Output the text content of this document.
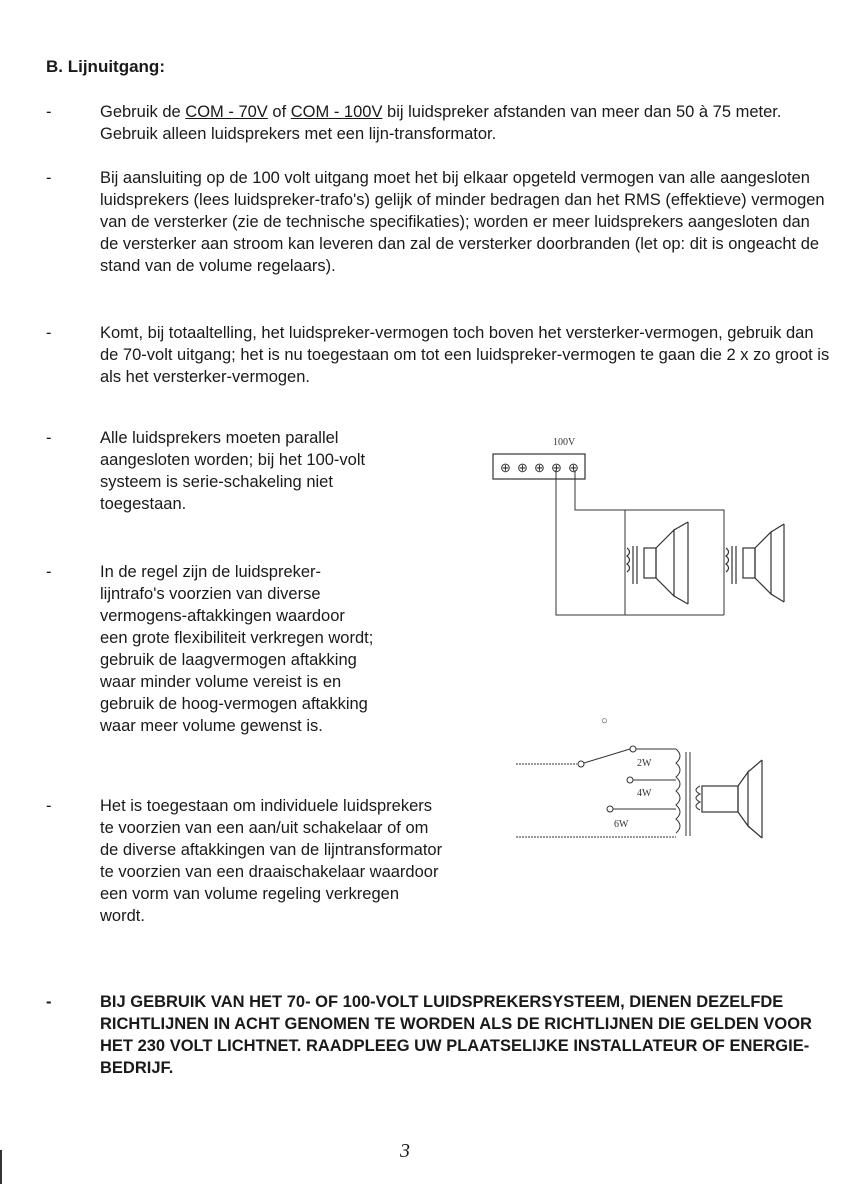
B. Lijnuitgang:
-	Gebruik de COM - 70V of COM - 100V bij luidspreker afstanden van meer dan 50 à 75 meter. Gebruik alleen luidsprekers met een lijn-transformator.
-	Bij aansluiting op de 100 volt uitgang moet het bij elkaar opgeteld vermogen van alle aangesloten luidsprekers (lees luidspreker-trafo's) gelijk of minder bedragen dan het RMS (effektieve) vermogen van de versterker (zie de technische specifikaties); worden er meer luidsprekers aangesloten dan de versterker aan stroom kan leveren dan zal de versterker doorbranden (let op: dit is ongeacht de stand van de volume regelaars).
-	Komt, bij totaaltelling, het luidspreker-vermogen toch boven het versterker-vermogen, gebruik dan de 70-volt uitgang; het is nu toegestaan om tot een luidspreker-vermogen te gaan die 2 x zo groot is als het versterker-vermogen.
-	Alle luidsprekers moeten parallel aangesloten worden; bij het 100-volt systeem is serie-schakeling niet toegestaan.
-	In de regel zijn de luidspreker-lijntrafo's voorzien van diverse vermogens-aftakkingen waardoor een grote flexibiliteit verkregen wordt; gebruik de laagvermogen aftakking waar minder volume vereist is en gebruik de hoog-vermogen aftakking waar meer volume gewenst is.
-	Het is toegestaan om individuele luidsprekers te voorzien van een aan/uit schakelaar of om de diverse aftakkingen van de lijntransformator te voorzien van een draaischakelaar waardoor een vorm van volume regeling verkregen wordt.
-	BIJ GEBRUIK VAN HET 70- OF 100-VOLT LUIDSPREKERSYSTEEM, DIENEN DEZELFDE RICHTLIJNEN IN ACHT GENOMEN TE WORDEN ALS DE RICHTLIJNEN DIE GELDEN VOOR HET 230 VOLT LICHTNET. RAADPLEEG UW PLAATSELIJKE INSTALLATEUR OF ENERGIE-BEDRIJF.
100V
⊕ ⊕ ⊕ ⊕ ⊕
○
2W
4W
6W
3
